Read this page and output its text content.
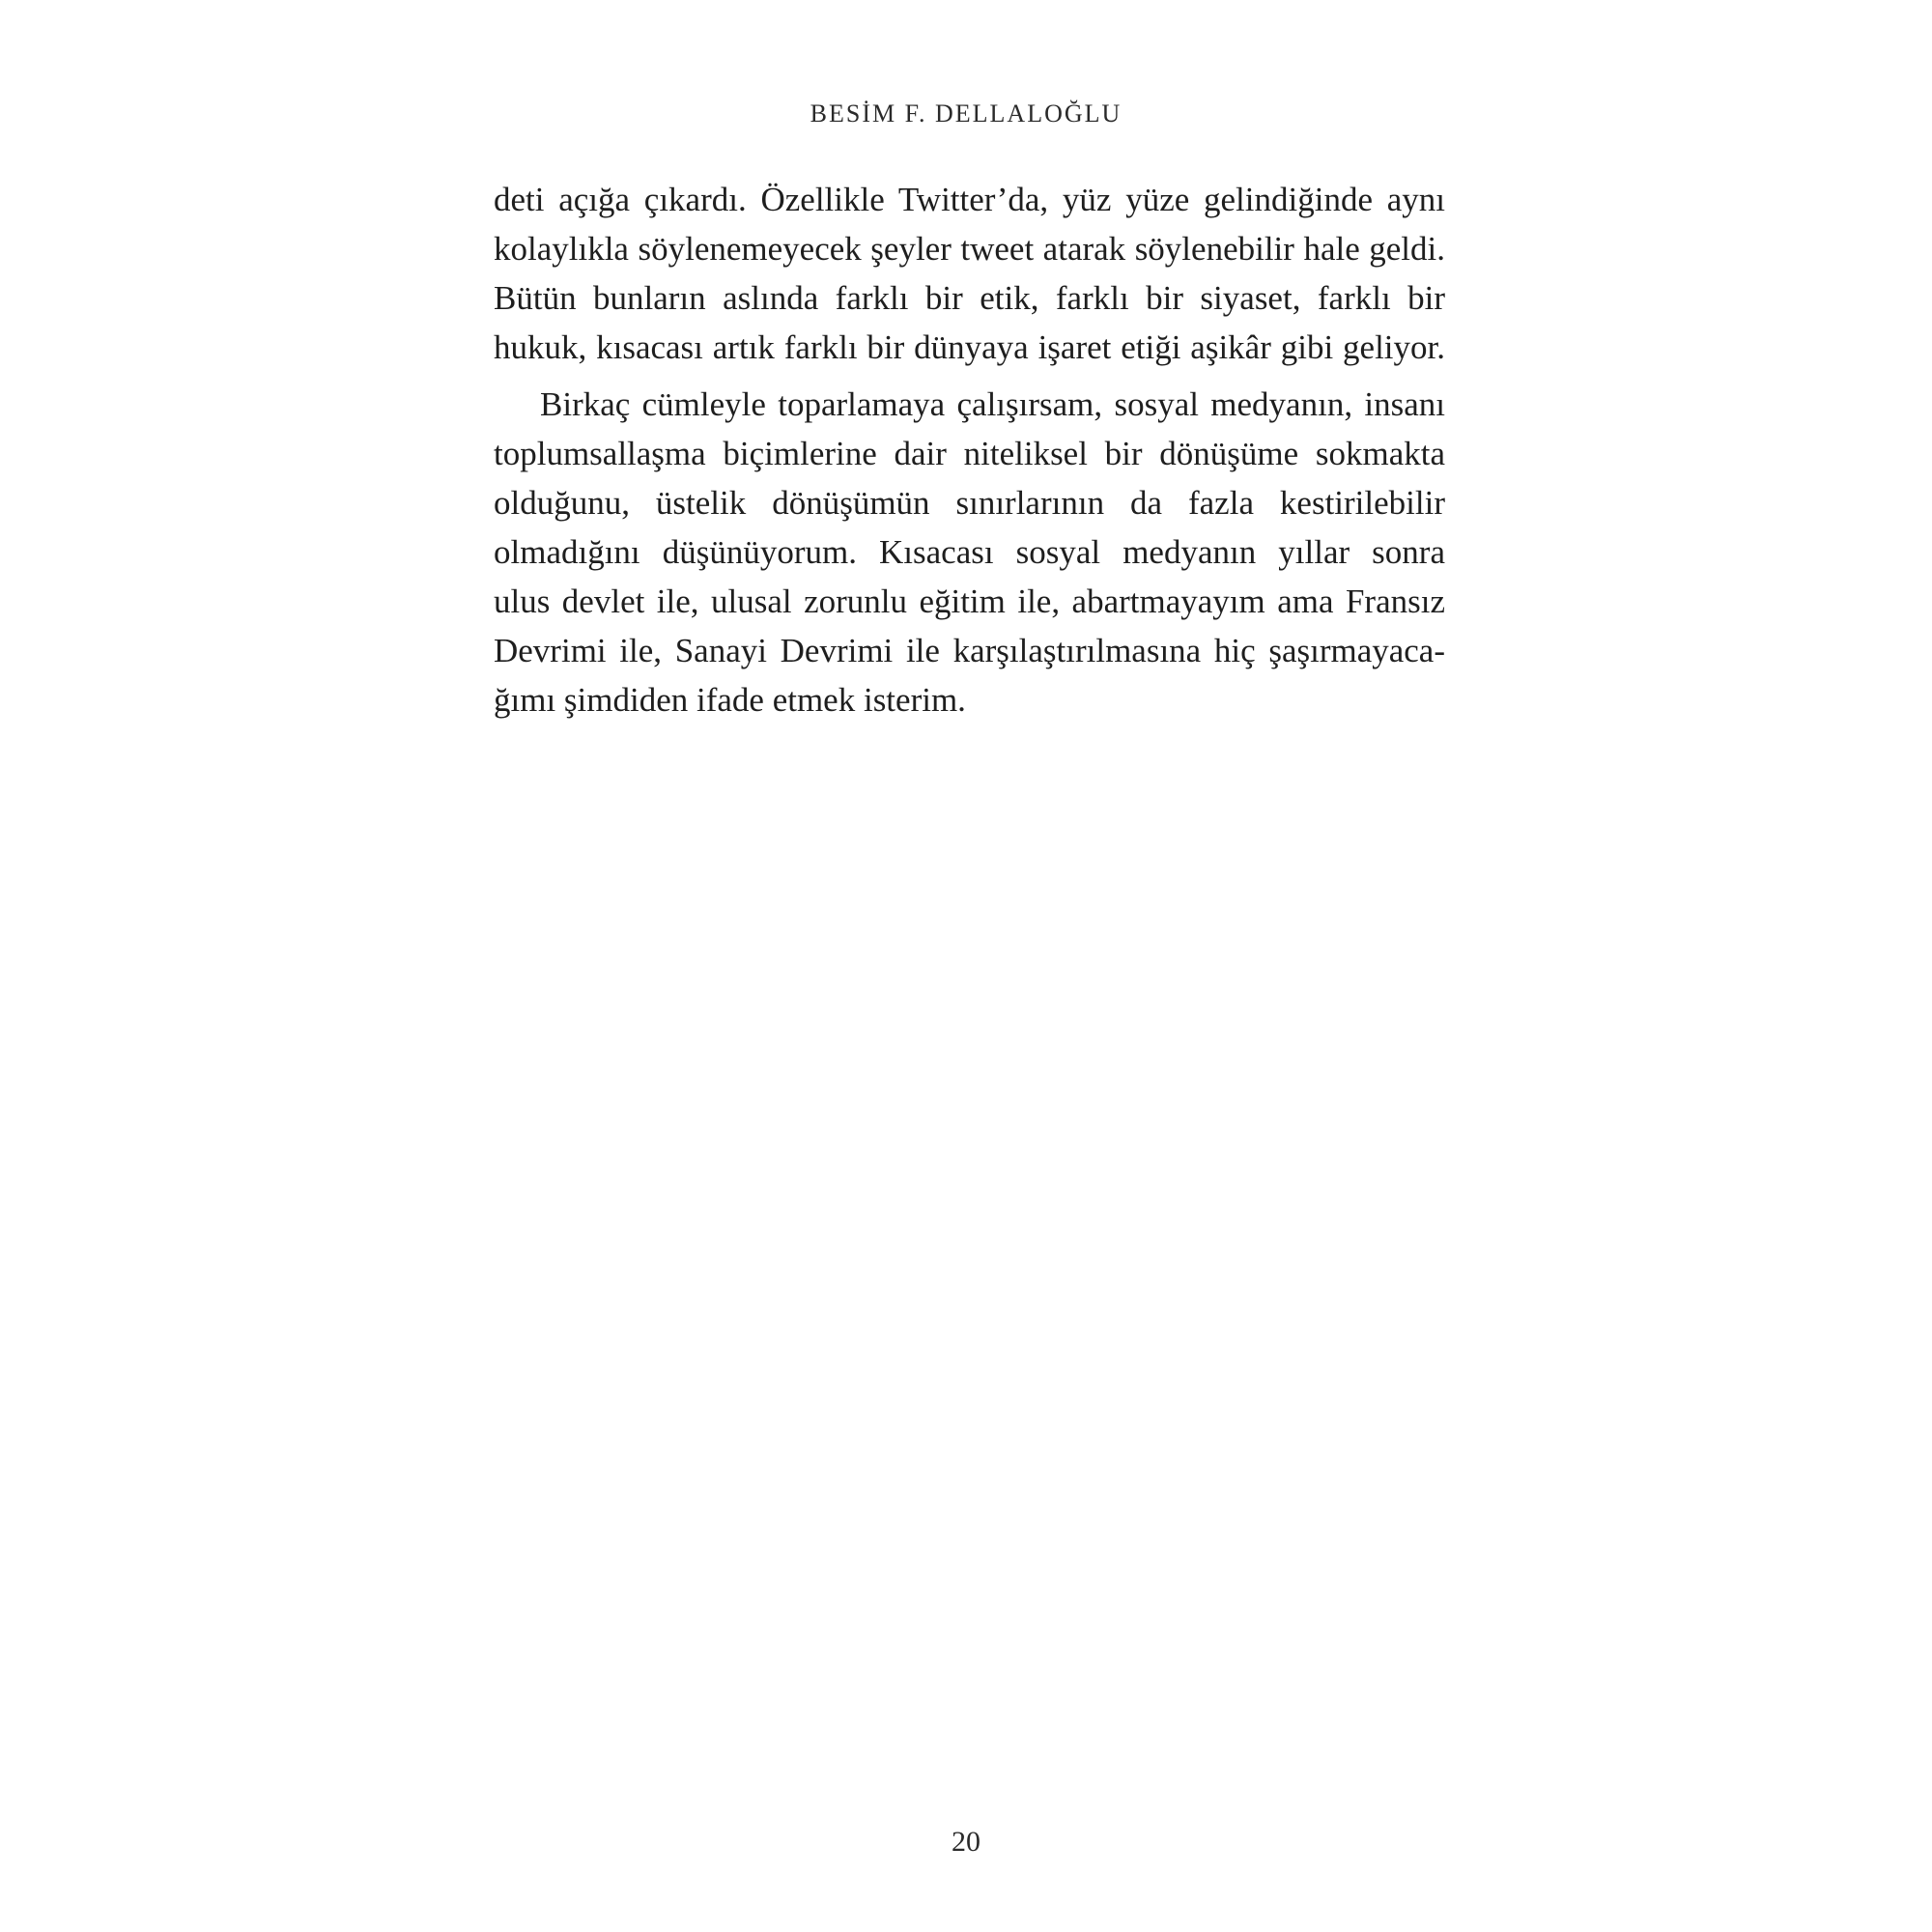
BESİM F. DELLALOĞLU
deti açığa çıkardı. Özellikle Twitter’da, yüz yüze gelindiğinde aynı
kolaylıkla söylenemeyecek şeyler tweet atarak söylenebilir hale geldi.
Bütün bunların aslında farklı bir etik, farklı bir siyaset, farklı bir
hukuk, kısacası artık farklı bir dünyaya işaret etiği aşikâr gibi geliyor.
Birkaç cümleyle toparlamaya çalışırsam, sosyal medyanın, insanı
toplumsallaşma biçimlerine dair niteliksel bir dönüşüme sokmakta
olduğunu, üstelik dönüşümün sınırlarının da fazla kestirilebilir
olmadığını düşünüyorum. Kısacası sosyal medyanın yıllar sonra
ulus devlet ile, ulusal zorunlu eğitim ile, abartmayayım ama Fransız
Devrimi ile, Sanayi Devrimi ile karşılaştırılmasına hiç şaşırmayaca-
ğımı şimdiden ifade etmek isterim.
20
